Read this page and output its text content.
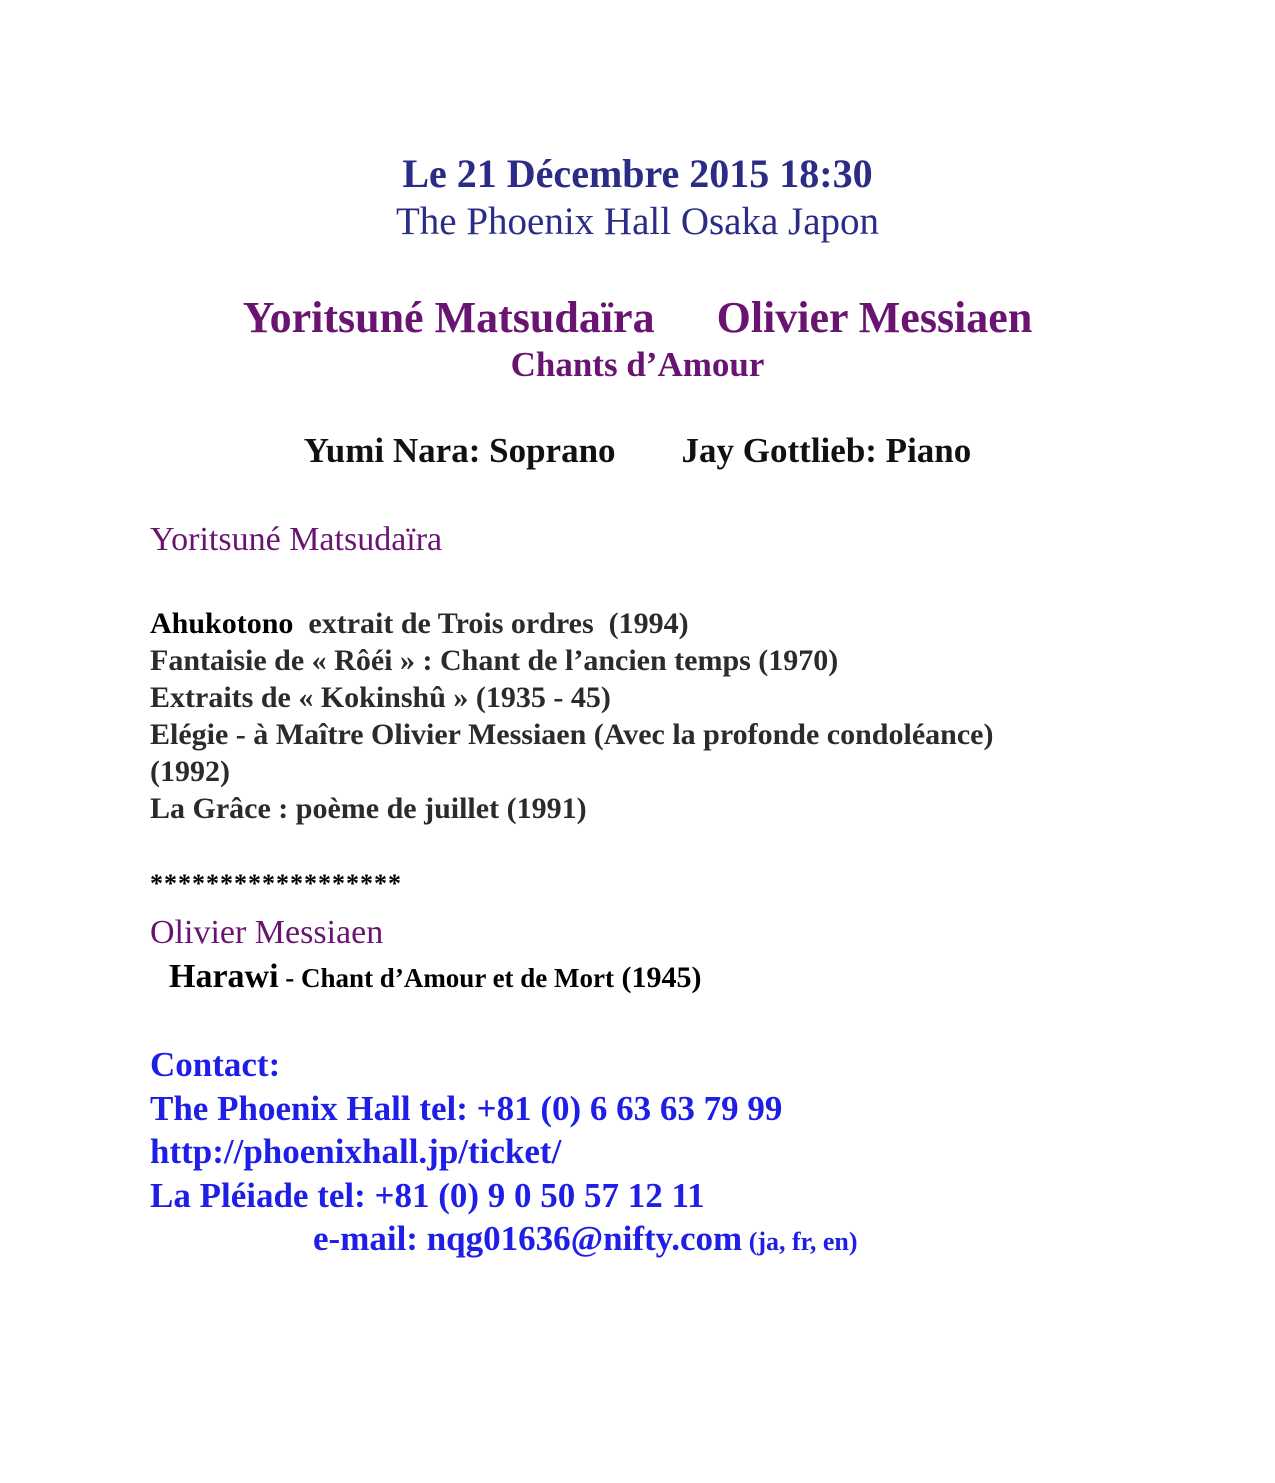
Le 21 Décembre 2015 18:30
The Phoenix Hall Osaka Japon
Yoritsuné Matsudaïra Olivier Messiaen
Chants d’Amour
Yumi Nara: Soprano Jay Gottlieb: Piano
Yoritsuné Matsudaïra
Ahukotono  extrait de Trois ordres  (1994)
Fantaisie de « Rôéi » : Chant de l’ancien temps (1970)
Extraits de « Kokinshû » (1935 - 45)
Elégie - à Maître Olivier Messiaen (Avec la profonde condoléance)
(1992)
La Grâce : poème de juillet (1991)
******************
Olivier Messiaen
Harawi - Chant d’Amour et de Mort (1945)
Contact:
The Phoenix Hall tel: +81 (0) 6 63 63 79 99
http://phoenixhall.jp/ticket/
La Pléiade tel: +81 (0) 9 0 50 57 12 11
e-mail: nqg01636@nifty.com (ja, fr, en)
